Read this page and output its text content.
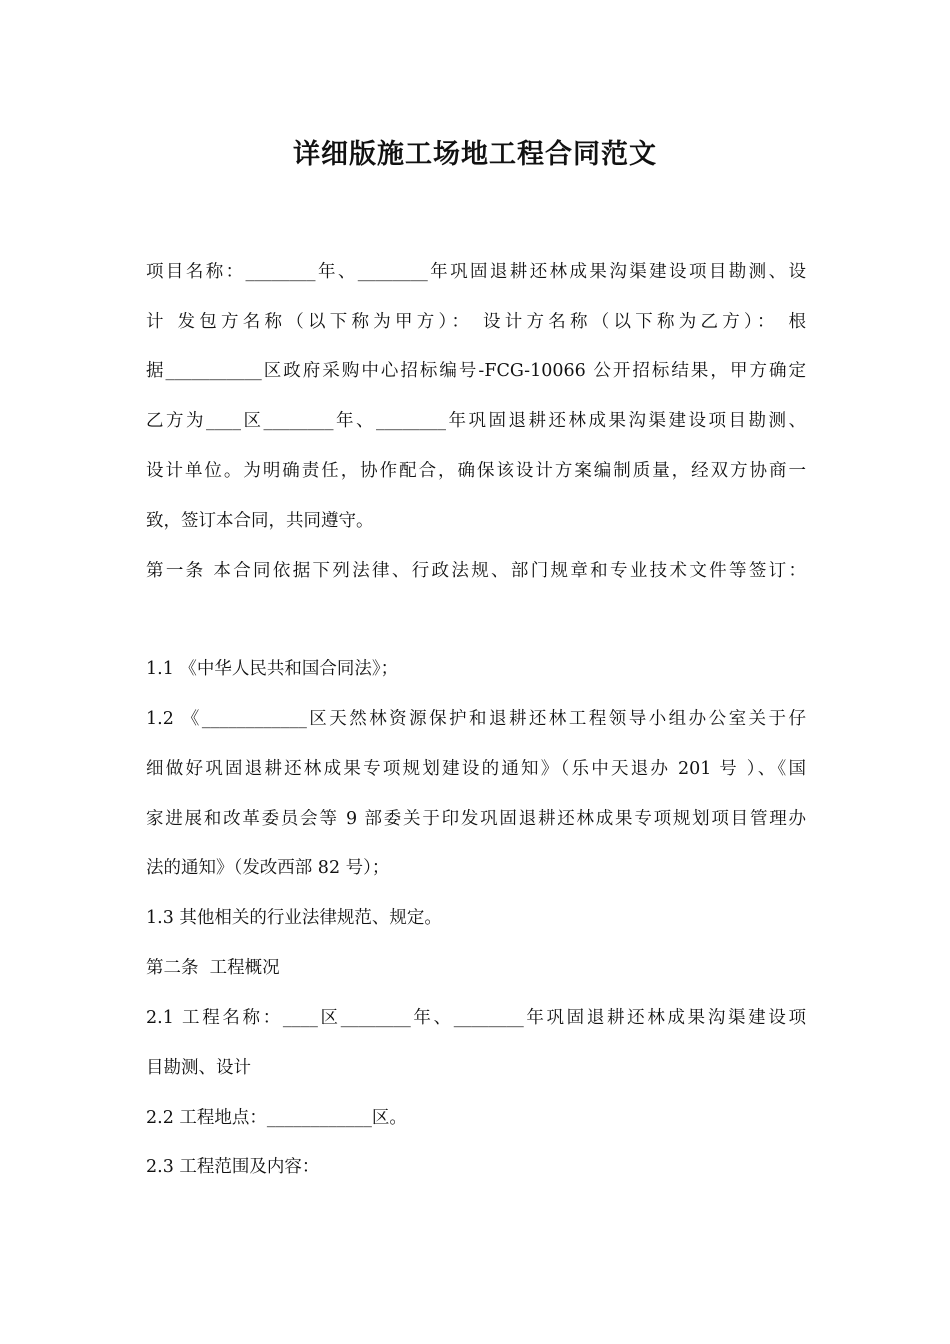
详细版施工场地工程合同范文
项目名称：________年、________年巩固退耕还林成果沟渠建设项目勘测、设
计 发包方名称（以下称为甲方）： 设计方名称（以下称为乙方）： 根
据___________区政府采购中心招标编号-FCG-10066 公开招标结果，甲方确定
乙方为____区________年、________年巩固退耕还林成果沟渠建设项目勘测、
设计单位。为明确责任，协作配合，确保该设计方案编制质量，经双方协商一
致，签订本合同，共同遵守。
第一条 本合同依据下列法律、行政法规、部门规章和专业技术文件等签订：
1.1 《中华人民共和国合同法》；
1.2 《____________区天然林资源保护和退耕还林工程领导小组办公室关于仔
细做好巩固退耕还林成果专项规划建设的通知》（乐中天退办 201 号 ）、《国
家进展和改革委员会等 9 部委关于印发巩固退耕还林成果专项规划项目管理办
法的通知》（发改西部 82 号）；
1.3 其他相关的行业法律规范、规定。
第二条  工程概况
2.1 工程名称：____区________年、________年巩固退耕还林成果沟渠建设项
目勘测、设计
2.2 工程地点：____________区。
2.3 工程范围及内容：
